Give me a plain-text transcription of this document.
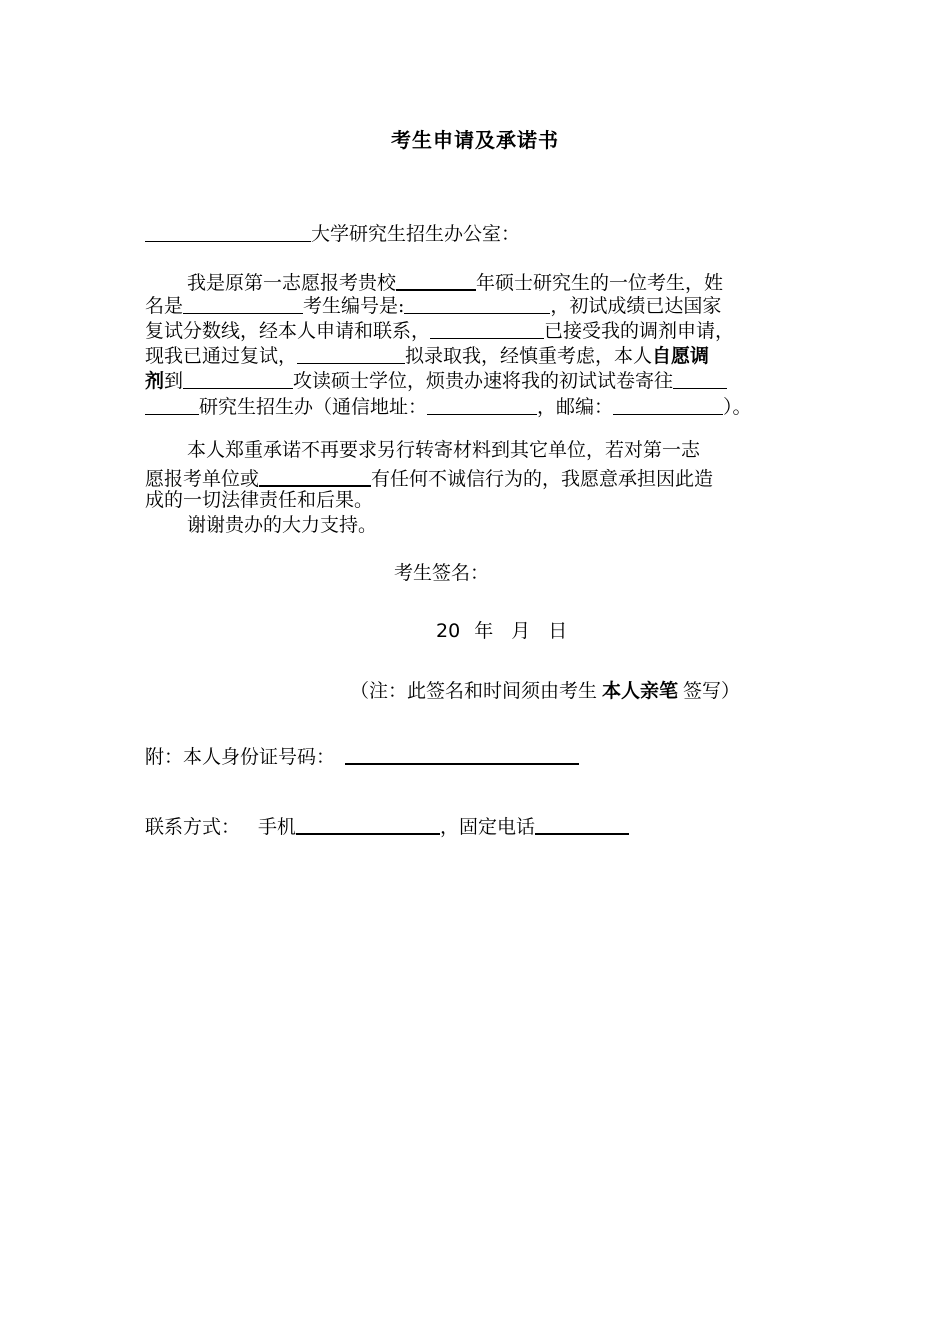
考生申请及承诺书
大学研究生招生办公室：
我是原第一志愿报考贵校	年硕士研究生的一位考生，姓
名是	考生编号是:	，初试成绩已达国家
复试分数线，经本人申请和联系，	已接受我的调剂申请，
现我已通过复试，	拟录取我，经慎重考虑，本人自愿调
剂到	攻读硕士学位，烦贵办速将我的初试试卷寄往
研究生招生办（通信地址：	，邮编：	）。
本人郑重承诺不再要求另行转寄材料到其它单位，若对第一志
愿报考单位或	有任何不诚信行为的，我愿意承担因此造
成的一切法律责任和后果。
谢谢贵办的大力支持。
考生签名：
20 年 月 日
（注：此签名和时间须由考生 本人亲笔 签写）
附：本人身份证号码：
联系方式： 手机	，固定电话
